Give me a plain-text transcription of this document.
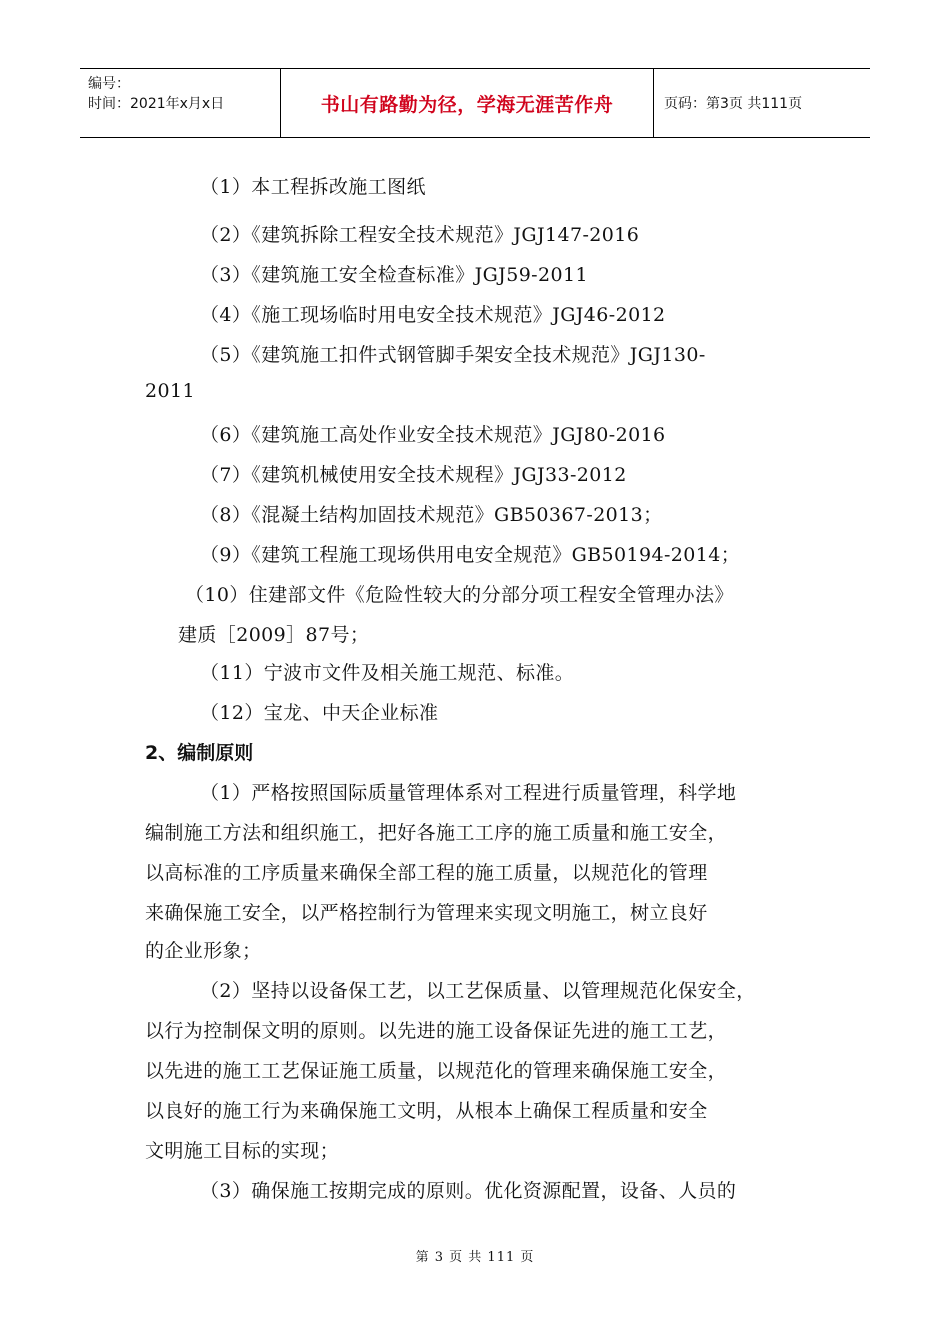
编号：
时间：2021年x月x日	书山有路勤为径，学海无涯苦作舟	页码：第3页 共111页
（1）本工程拆改施工图纸
（2）《建筑拆除工程安全技术规范》JGJ147-2016
（3）《建筑施工安全检查标准》JGJ59-2011
（4）《施工现场临时用电安全技术规范》JGJ46-2012
（5）《建筑施工扣件式钢管脚手架安全技术规范》JGJ130-
2011
（6）《建筑施工高处作业安全技术规范》JGJ80-2016
（7）《建筑机械使用安全技术规程》JGJ33-2012
（8）《混凝土结构加固技术规范》GB50367-2013；
（9）《建筑工程施工现场供用电安全规范》GB50194-2014；
（10）住建部文件《危险性较大的分部分项工程安全管理办法》
建质［2009］87号；
（11）宁波市文件及相关施工规范、标准。
（12）宝龙、中天企业标准
2、编制原则
（1）严格按照国际质量管理体系对工程进行质量管理，科学地
编制施工方法和组织施工，把好各施工工序的施工质量和施工安全，
以高标准的工序质量来确保全部工程的施工质量，以规范化的管理
来确保施工安全，以严格控制行为管理来实现文明施工，树立良好
的企业形象；
（2）坚持以设备保工艺，以工艺保质量、以管理规范化保安全，
以行为控制保文明的原则。以先进的施工设备保证先进的施工工艺，
以先进的施工工艺保证施工质量，以规范化的管理来确保施工安全，
以良好的施工行为来确保施工文明，从根本上确保工程质量和安全
文明施工目标的实现；
（3）确保施工按期完成的原则。优化资源配置，设备、人员的
第 3 页 共 111 页
